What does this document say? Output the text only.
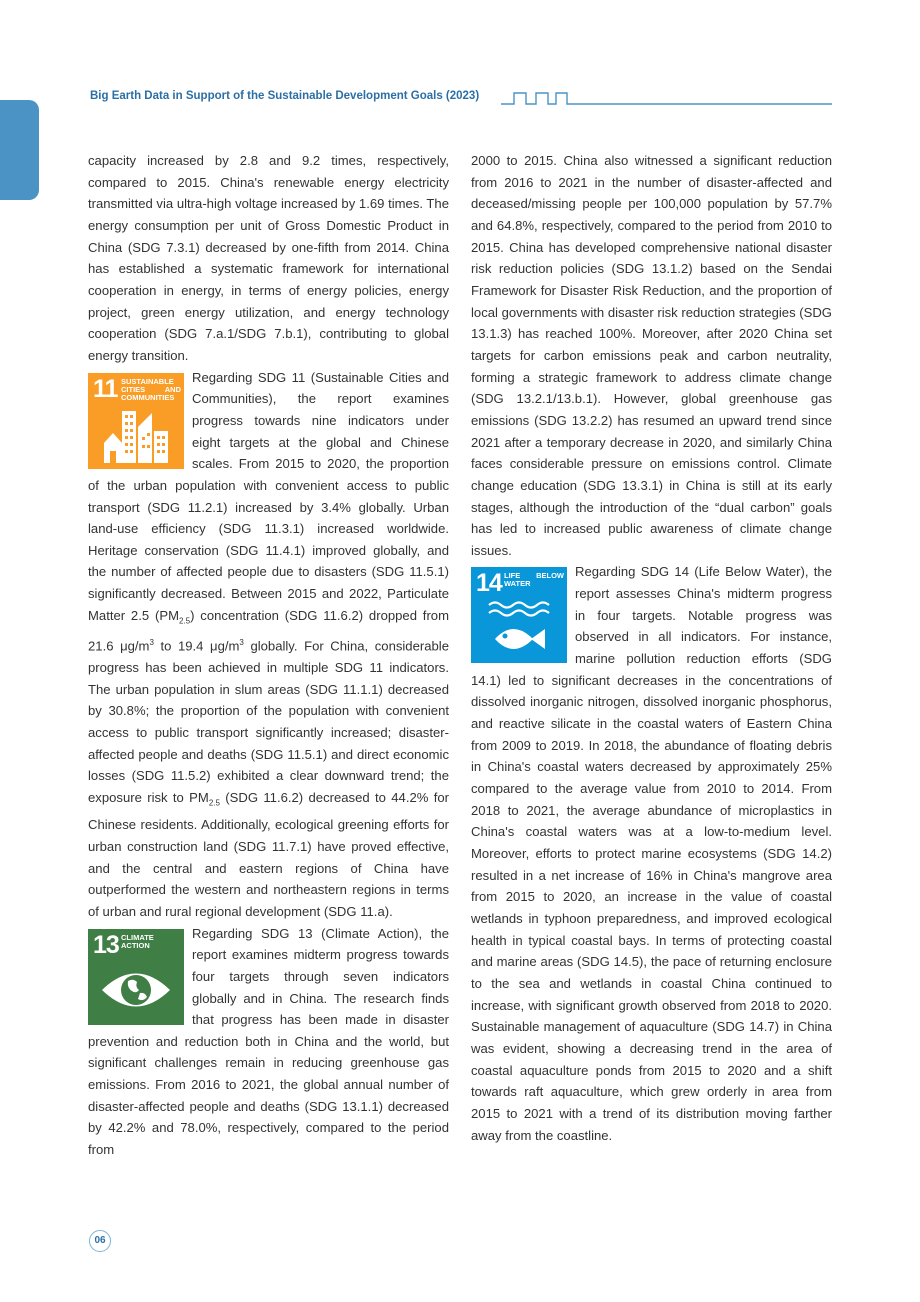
Big Earth Data in Support of the Sustainable Development Goals (2023)

capacity increased by 2.8 and 9.2 times, respectively, compared to 2015. China's renewable energy electricity transmitted via ultra-high voltage increased by 1.69 times. The energy consumption per unit of Gross Domestic Product in China (SDG 7.3.1) decreased by one-fifth from 2014. China has established a systematic framework for international cooperation in energy, in terms of energy policies, energy project, green energy utilization, and energy technology cooperation (SDG 7.a.1/SDG 7.b.1), contributing to global energy transition.

11 SUSTAINABLE CITIES AND COMMUNITIES

Regarding SDG 11 (Sustainable Cities and Communities), the report examines progress towards nine indicators under eight targets at the global and Chinese scales. From 2015 to 2020, the proportion of the urban population with convenient access to public transport (SDG 11.2.1) increased by 3.4% globally. Urban land-use efficiency (SDG 11.3.1) increased worldwide. Heritage conservation (SDG 11.4.1) improved globally, and the number of affected people due to disasters (SDG 11.5.1) significantly decreased. Between 2015 and 2022, Particulate Matter 2.5 $(PM_{2.5})$ concentration (SDG 11.6.2) dropped from 21.6 $\mu g/m^3$ to 19.4 $\mu g/m^3$ globally. For China, considerable progress has been achieved in multiple SDG 11 indicators. The urban population in slum areas (SDG 11.1.1) decreased by 30.8%; the proportion of the population with convenient access to public transport significantly increased; disaster-affected people and deaths (SDG 11.5.1) and direct economic losses (SDG 11.5.2) exhibited a clear downward trend; the exposure risk to $PM_{2.5}$ (SDG 11.6.2) decreased to 44.2% for Chinese residents. Additionally, ecological greening efforts for urban construction land (SDG 11.7.1) have proved effective, and the central and eastern regions of China have outperformed the western and northeastern regions in terms of urban and rural regional development (SDG 11.a).

13 CLIMATE ACTION

Regarding SDG 13 (Climate Action), the report examines midterm progress towards four targets through seven indicators globally and in China. The research finds that progress has been made in disaster prevention and reduction both in China and the world, but significant challenges remain in reducing greenhouse gas emissions. From 2016 to 2021, the global annual number of disaster-affected people and deaths (SDG 13.1.1) decreased by 42.2% and 78.0%, respectively, compared to the period from

2000 to 2015. China also witnessed a significant reduction from 2016 to 2021 in the number of disaster-affected and deceased/missing people per 100,000 population by 57.7% and 64.8%, respectively, compared to the period from 2010 to 2015. China has developed comprehensive national disaster risk reduction policies (SDG 13.1.2) based on the Sendai Framework for Disaster Risk Reduction, and the proportion of local governments with disaster risk reduction strategies (SDG 13.1.3) has reached 100%. Moreover, after 2020 China set targets for carbon emissions peak and carbon neutrality, forming a strategic framework to address climate change (SDG 13.2.1/13.b.1). However, global greenhouse gas emissions (SDG 13.2.2) has resumed an upward trend since 2021 after a temporary decrease in 2020, and similarly China faces considerable pressure on emissions control. Climate change education (SDG 13.3.1) in China is still at its early stages, although the introduction of the “dual carbon” goals has led to increased public awareness of climate change issues.

14 LIFE BELOW WATER

Regarding SDG 14 (Life Below Water), the report assesses China's midterm progress in four targets. Notable progress was observed in all indicators. For instance, marine pollution reduction efforts (SDG 14.1) led to significant decreases in the concentrations of dissolved inorganic nitrogen, dissolved inorganic phosphorus, and reactive silicate in the coastal waters of Eastern China from 2009 to 2019. In 2018, the abundance of floating debris in China's coastal waters decreased by approximately 25% compared to the average value from 2010 to 2014. From 2018 to 2021, the average abundance of microplastics in China's coastal waters was at a low-to-medium level. Moreover, efforts to protect marine ecosystems (SDG 14.2) resulted in a net increase of 16% in China's mangrove area from 2015 to 2020, an increase in the value of coastal wetlands in typhoon preparedness, and improved ecological health in typical coastal bays. In terms of protecting coastal and marine areas (SDG 14.5), the pace of returning enclosure to the sea and wetlands in coastal China continued to increase, with significant growth observed from 2018 to 2020. Sustainable management of aquaculture (SDG 14.7) in China was evident, showing a decreasing trend in the area of coastal aquaculture ponds from 2015 to 2020 and a shift towards raft aquaculture, which grew orderly in area from 2015 to 2021 with a trend of its distribution moving farther away from the coastline.

06
